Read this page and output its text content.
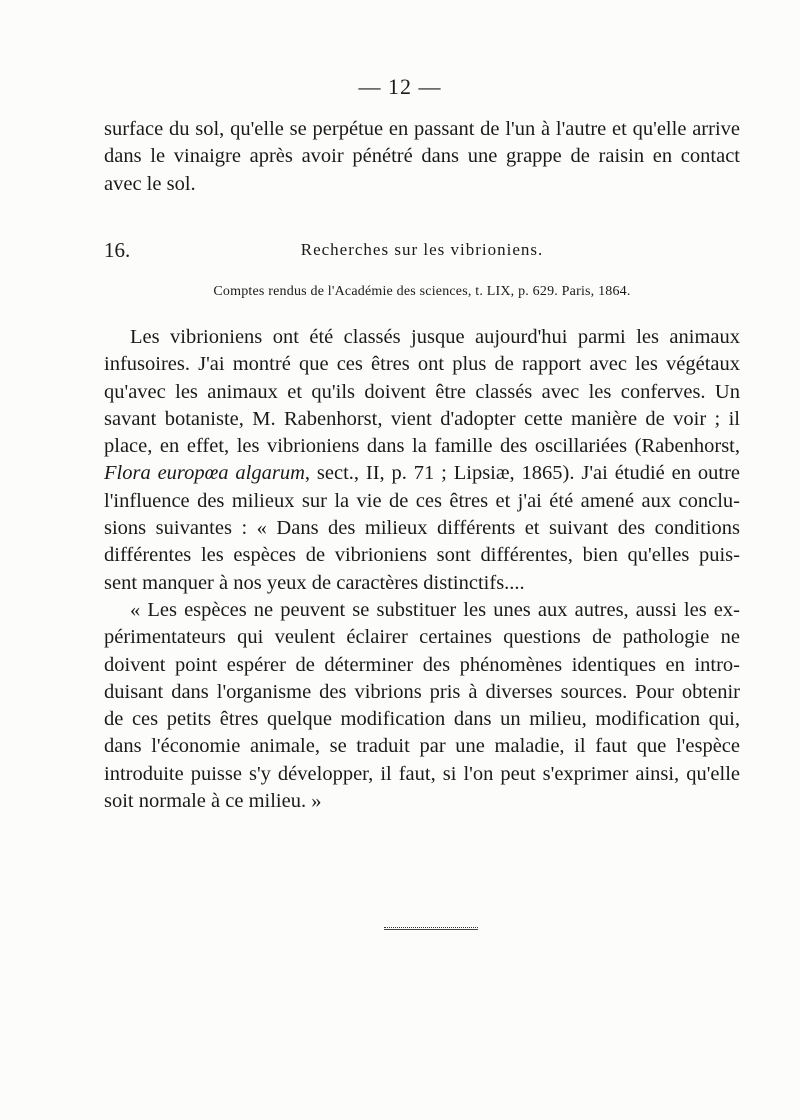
— 12 —
surface du sol, qu'elle se perpétue en passant de l'un à l'autre et qu'elle arrive
dans le vinaigre après avoir pénétré dans une grappe de raisin en contact
avec le sol.
16.	Recherches sur les vibrioniens.
Comptes rendus de l'Académie des sciences, t. LIX, p. 629. Paris, 1864.
Les vibrioniens ont été classés jusque aujourd'hui parmi les animaux
infusoires. J'ai montré que ces êtres ont plus de rapport avec les végétaux
qu'avec les animaux et qu'ils doivent être classés avec les conferves. Un
savant botaniste, M. Rabenhorst, vient d'adopter cette manière de voir ; il
place, en effet, les vibrioniens dans la famille des oscillariées (Rabenhorst,
Flora europœa algarum, sect., II, p. 71 ; Lipsiæ, 1865). J'ai étudié en outre
l'influence des milieux sur la vie de ces êtres et j'ai été amené aux conclu-
sions suivantes : « Dans des milieux différents et suivant des conditions
différentes les espèces de vibrioniens sont différentes, bien qu'elles puis-
sent manquer à nos yeux de caractères distinctifs....
« Les espèces ne peuvent se substituer les unes aux autres, aussi les ex-
périmentateurs qui veulent éclairer certaines questions de pathologie ne
doivent point espérer de déterminer des phénomènes identiques en intro-
duisant dans l'organisme des vibrions pris à diverses sources. Pour obtenir
de ces petits êtres quelque modification dans un milieu, modification qui,
dans l'économie animale, se traduit par une maladie, il faut que l'espèce
introduite puisse s'y développer, il faut, si l'on peut s'exprimer ainsi, qu'elle
soit normale à ce milieu. »
